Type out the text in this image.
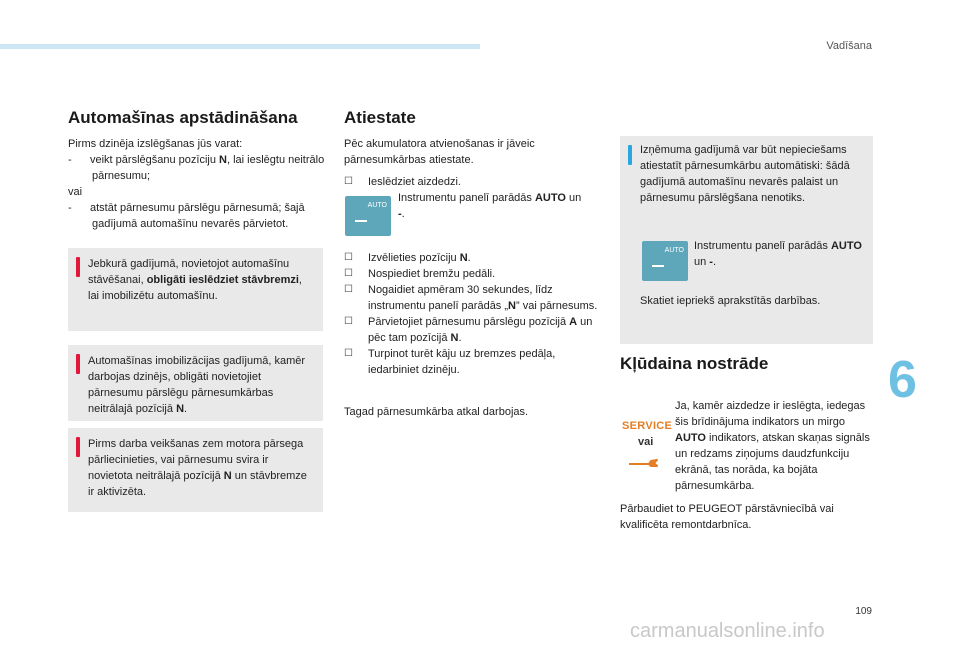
Vadīšana
6
109
carmanualsonline.info
Automašīnas apstādināšana

Pirms dzinēja izslēgšanas jūs varat:

-      veikt pārslēgšanu pozīciju N, lai ieslēgtu neitrālo pārnesumu;

vai

-      atstāt pārnesumu pārslēgu pārnesumā; šajā gadījumā automašīnu nevarēs pārvietot.

Jebkurā gadījumā, novietojot automašīnu stāvēšanai, obligāti ieslēdziet stāvbremzi, lai imobilizētu automašīnu.

Automašīnas imobilizācijas gadījumā, kamēr darbojas dzinējs, obligāti novietojiet pārnesumu pārslēgu pārnesumkārbas neitrālajā pozīcijā N.

Pirms darba veikšanas zem motora pārsega pārliecinieties, vai pārnesumu svira ir novietota neitrālajā pozīcijā N un stāvbremze ir aktivizēta.

Atiestate

Pēc akumulatora atvienošanas ir jāveic pārnesumkārbas atiestate.

☐ Ieslēdziet aizdedzi.

AUTO

Instrumentu panelī parādās AUTO un -.

☐ Izvēlieties pozīciju N.

☐ Nospiediet bremžu pedāli.

☐ Nogaidiet apmēram 30 sekundes, līdz instrumentu panelī parādās „N” vai pārnesums.

☐ Pārvietojiet pārnesumu pārslēgu pozīcijā A un pēc tam pozīcijā N.

☐ Turpinot turēt kāju uz bremzes pedāļa, iedarbiniet dzinēju.

Tagad pārnesumkārba atkal darbojas.

Izņēmuma gadījumā var būt nepieciešams atiestatīt pārnesumkārbu automātiski: šādā gadījumā automašīnu nevarēs palaist un pārnesumu pārslēgšana nenotiks.

AUTO Instrumentu panelī parādās AUTO un -.

Skatiet iepriekš aprakstītās darbības.

Kļūdaina nostrāde
SERVICE
vai

Ja, kamēr aizdedze ir ieslēgta, iedegas šis brīdinājuma indikators un mirgo AUTO indikators, atskan skaņas signāls un redzams ziņojums daudzfunkciju ekrānā, tas norāda, ka bojāta pārnesumkārba.

Pārbaudiet to PEUGEOT pārstāvniecībā vai kvalificēta remontdarbnīca.
